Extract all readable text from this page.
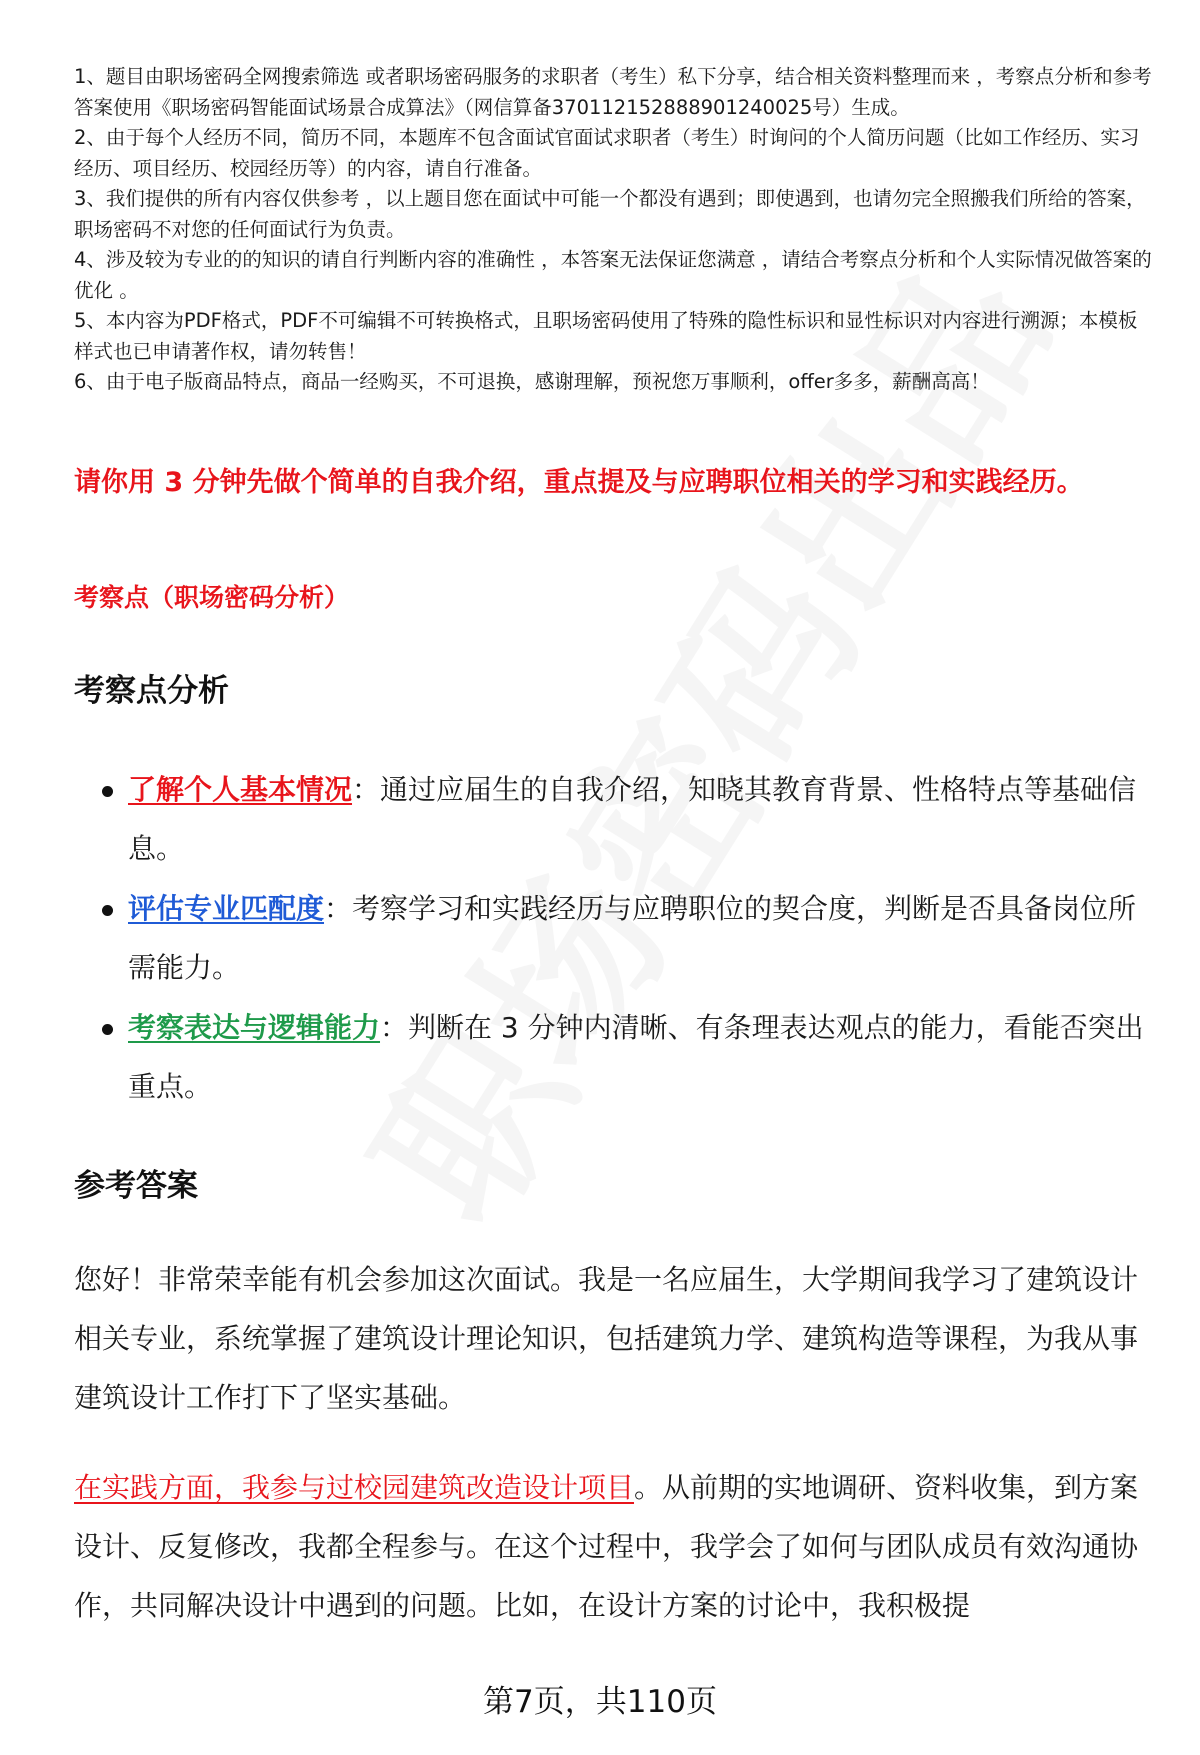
1、题目由职场密码全网搜索筛选 或者职场密码服务的求职者（考生）私下分享，结合相关资料整理而来 ，考察点分析和参考答案使用《职场密码智能面试场景合成算法》（网信算备370112152888901240025号）生成。

2、由于每个人经历不同，简历不同，本题库不包含面试官面试求职者（考生）时询问的个人简历问题（比如工作经历、实习经历、项目经历、校园经历等）的内容，请自行准备。

3、我们提供的所有内容仅供参考 ，以上题目您在面试中可能一个都没有遇到；即使遇到，也请勿完全照搬我们所给的答案，职场密码不对您的任何面试行为负责。

4、涉及较为专业的的知识的请自行判断内容的准确性 ，本答案无法保证您满意 ，请结合考察点分析和个人实际情况做答案的优化 。

5、本内容为PDF格式，PDF不可编辑不可转换格式，且职场密码使用了特殊的隐性标识和显性标识对内容进行溯源；本模板样式也已申请著作权，请勿转售！

6、由于电子版商品特点，商品一经购买，不可退换，感谢理解，预祝您万事顺利，offer多多，薪酬高高！

请你用 3 分钟先做个简单的自我介绍，重点提及与应聘职位相关的学习和实践经历。

考察点（职场密码分析）

考察点分析
了解个人基本情况：通过应届生的自我介绍，知晓其教育背景、性格特点等基础信息。
评估专业匹配度：考察学习和实践经历与应聘职位的契合度，判断是否具备岗位所需能力。
考察表达与逻辑能力：判断在 3 分钟内清晰、有条理表达观点的能力，看能否突出重点。
参考答案

您好！非常荣幸能有机会参加这次面试。我是一名应届生，大学期间我学习了建筑设计相关专业，系统掌握了建筑设计理论知识，包括建筑力学、建筑构造等课程，为我从事建筑设计工作打下了坚实基础。

在实践方面，我参与过校园建筑改造设计项目。从前期的实地调研、资料收集，到方案设计、反复修改，我都全程参与。在这个过程中，我学会了如何与团队成员有效沟通协作，共同解决设计中遇到的问题。比如，在设计方案的讨论中，我积极提

第7页，共110页
